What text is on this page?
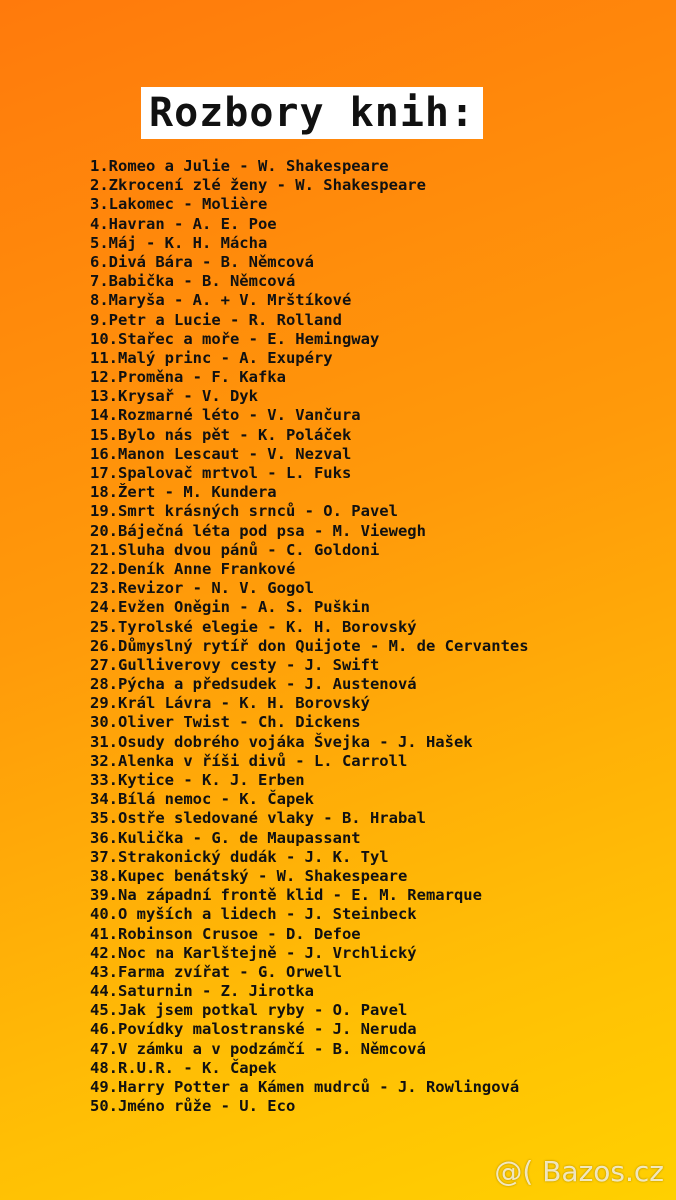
Rozbory knih:
1.Romeo a Julie - W. Shakespeare
2.Zkrocení zlé ženy - W. Shakespeare
3.Lakomec - Molière
4.Havran - A. E. Poe
5.Máj - K. H. Mácha
6.Divá Bára - B. Němcová
7.Babička - B. Němcová
8.Maryša - A. + V. Mrštíkové
9.Petr a Lucie - R. Rolland
10.Stařec a moře - E. Hemingway
11.Malý princ - A. Exupéry
12.Proměna - F. Kafka
13.Krysař - V. Dyk
14.Rozmarné léto - V. Vančura
15.Bylo nás pět - K. Poláček
16.Manon Lescaut - V. Nezval
17.Spalovač mrtvol - L. Fuks
18.Žert - M. Kundera
19.Smrt krásných srnců - O. Pavel
20.Báječná léta pod psa - M. Viewegh
21.Sluha dvou pánů - C. Goldoni
22.Deník Anne Frankové
23.Revizor - N. V. Gogol
24.Evžen Oněgin - A. S. Puškin
25.Tyrolské elegie - K. H. Borovský
26.Důmyslný rytíř don Quijote - M. de Cervantes
27.Gulliverovy cesty - J. Swift
28.Pýcha a předsudek - J. Austenová
29.Král Lávra - K. H. Borovský
30.Oliver Twist - Ch. Dickens
31.Osudy dobrého vojáka Švejka - J. Hašek
32.Alenka v říši divů - L. Carroll
33.Kytice - K. J. Erben
34.Bílá nemoc - K. Čapek
35.Ostře sledované vlaky - B. Hrabal
36.Kulička - G. de Maupassant
37.Strakonický dudák - J. K. Tyl
38.Kupec benátský - W. Shakespeare
39.Na západní frontě klid - E. M. Remarque
40.O myších a lidech - J. Steinbeck
41.Robinson Crusoe - D. Defoe
42.Noc na Karlštejně - J. Vrchlický
43.Farma zvířat - G. Orwell
44.Saturnin - Z. Jirotka
45.Jak jsem potkal ryby - O. Pavel
46.Povídky malostranské - J. Neruda
47.V zámku a v podzámčí - B. Němcová
48.R.U.R. - K. Čapek
49.Harry Potter a Kámen mudrců - J. Rowlingová
50.Jméno růže - U. Eco
@( Bazos.cz
